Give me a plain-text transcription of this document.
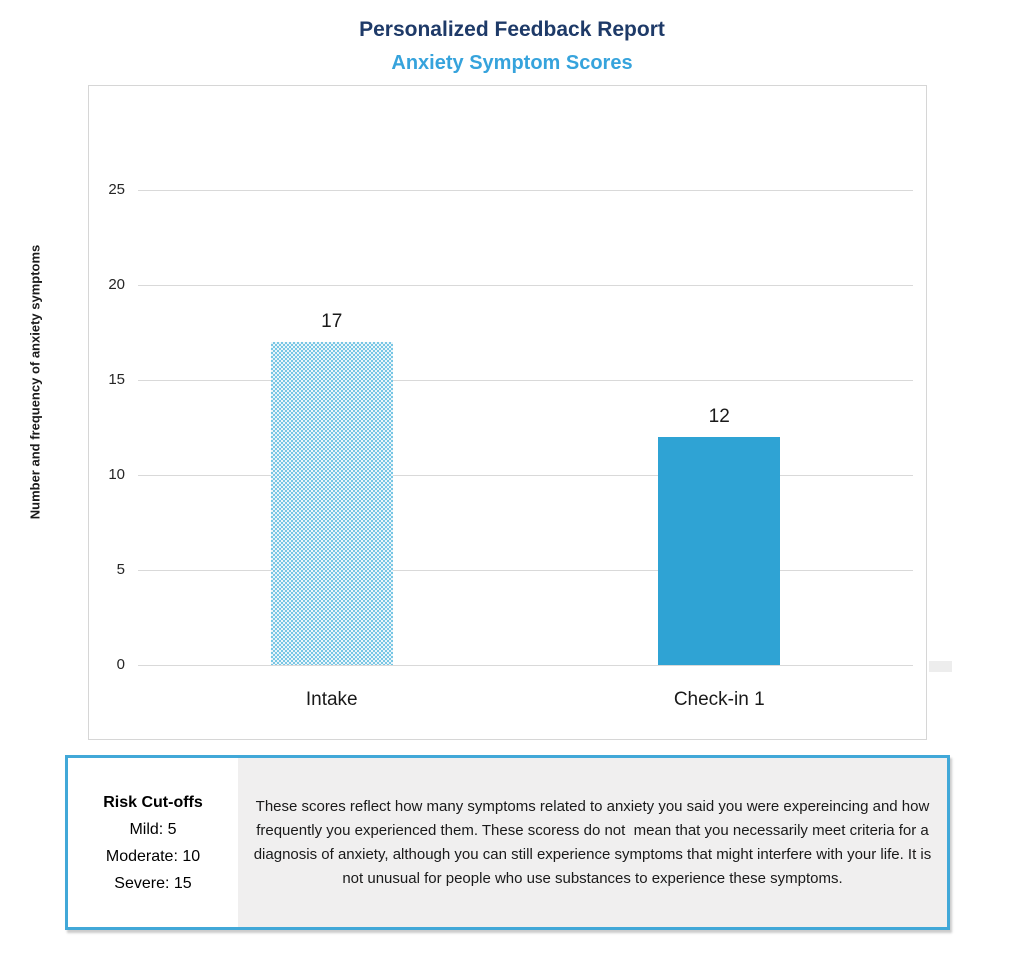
Personalized Feedback Report
Anxiety Symptom Scores
Number and frequency of anxiety symptoms
0
5
10
15
20
25
17
Intake
12
Check-in 1
Risk Cut-offs
Mild: 5
Moderate: 10
Severe: 15
These scores reflect how many symptoms related to anxiety you said you were expereincing and how frequently you experienced them. These scoress do not  mean that you necessarily meet criteria for a diagnosis of anxiety, although you can still experience symptoms that might interfere with your life. It is not unusual for people who use substances to experience these symptoms.
